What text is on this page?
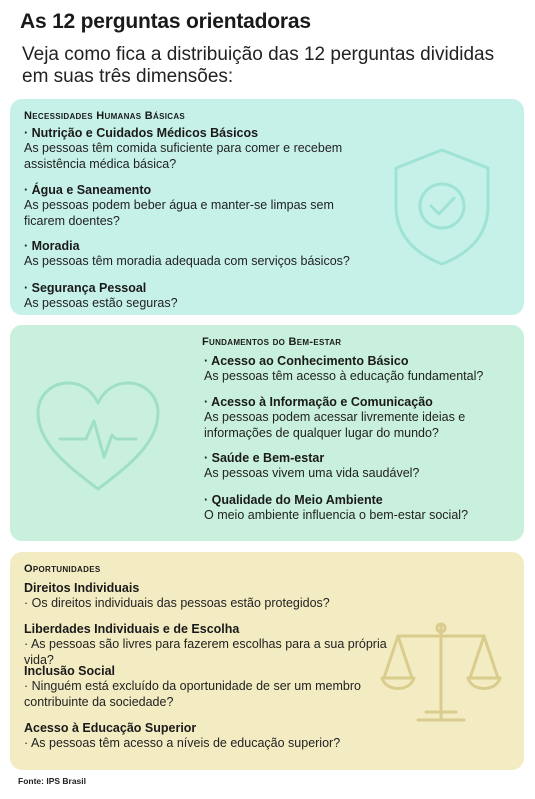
As 12 perguntas orientadoras
Veja como fica a distribuição das 12 perguntas divididas em suas três dimensões:
Necessidades Humanas Básicas
· Nutrição e Cuidados Médicos Básicos
As pessoas têm comida suficiente para comer e recebem assistência médica básica?
· Água e Saneamento
As pessoas podem beber água e manter-se limpas sem ficarem doentes?
· Moradia
As pessoas têm moradia adequada com serviços básicos?
· Segurança Pessoal
As pessoas estão seguras?
Fundamentos do Bem-estar
· Acesso ao Conhecimento Básico
As pessoas têm acesso à educação fundamental?
· Acesso à Informação e Comunicação
As pessoas podem acessar livremente ideias e informações de qualquer lugar do mundo?
· Saúde e Bem-estar
As pessoas vivem uma vida saudável?
· Qualidade do Meio Ambiente
O meio ambiente influencia o bem-estar social?
Oportunidades
Direitos Individuais
· Os direitos individuais das pessoas estão protegidos?
Liberdades Individuais e de Escolha
· As pessoas são livres para fazerem escolhas para a sua própria vida?
Inclusão Social
· Ninguém está excluído da oportunidade de ser um membro contribuinte da sociedade?
Acesso à Educação Superior
· As pessoas têm acesso a níveis de educação superior?
Fonte: IPS Brasil
